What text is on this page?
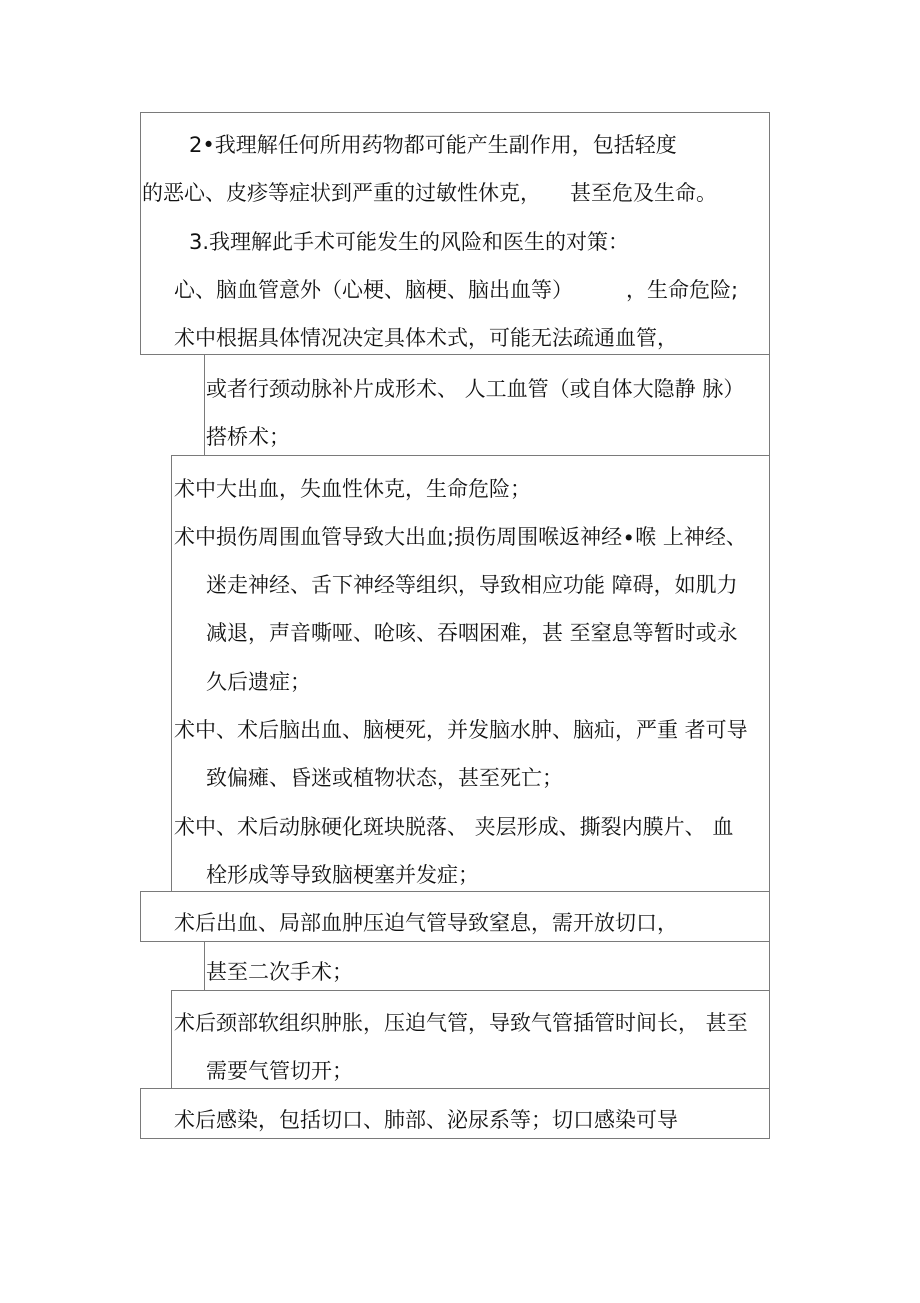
2•我理解任何所用药物都可能产生副作用，包括轻度
的恶心、皮疹等症状到严重的过敏性休克， 甚至危及生命。
3.我理解此手术可能发生的风险和医生的对策：
心、脑血管意外（心梗、脑梗、脑出血等）	，生命危险;
术中根据具体情况决定具体术式，可能无法疏通血管，
或者行颈动脉补片成形术、 人工血管（或自体大隐静 脉）
搭桥术；
术中大出血，失血性休克，生命危险；
术中损伤周围血管导致大出血;损伤周围喉返神经∙喉 上神经、
迷走神经、舌下神经等组织，导致相应功能 障碍，如肌力
减退，声音嘶哑、呛咳、吞咽困难，甚 至窒息等暂时或永
久后遗症；
术中、术后脑出血、脑梗死，并发脑水肿、脑疝，严重 者可导
致偏瘫、昏迷或植物状态，甚至死亡；
术中、术后动脉硬化斑块脱落、 夹层形成、撕裂内膜片、 血
栓形成等导致脑梗塞并发症；
术后出血、局部血肿压迫气管导致窒息，需开放切口，
甚至二次手术；
术后颈部软组织肿胀，压迫气管，导致气管插管时间长， 甚至
需要气管切开；
术后感染，包括切口、肺部、泌尿系等；切口感染可导
